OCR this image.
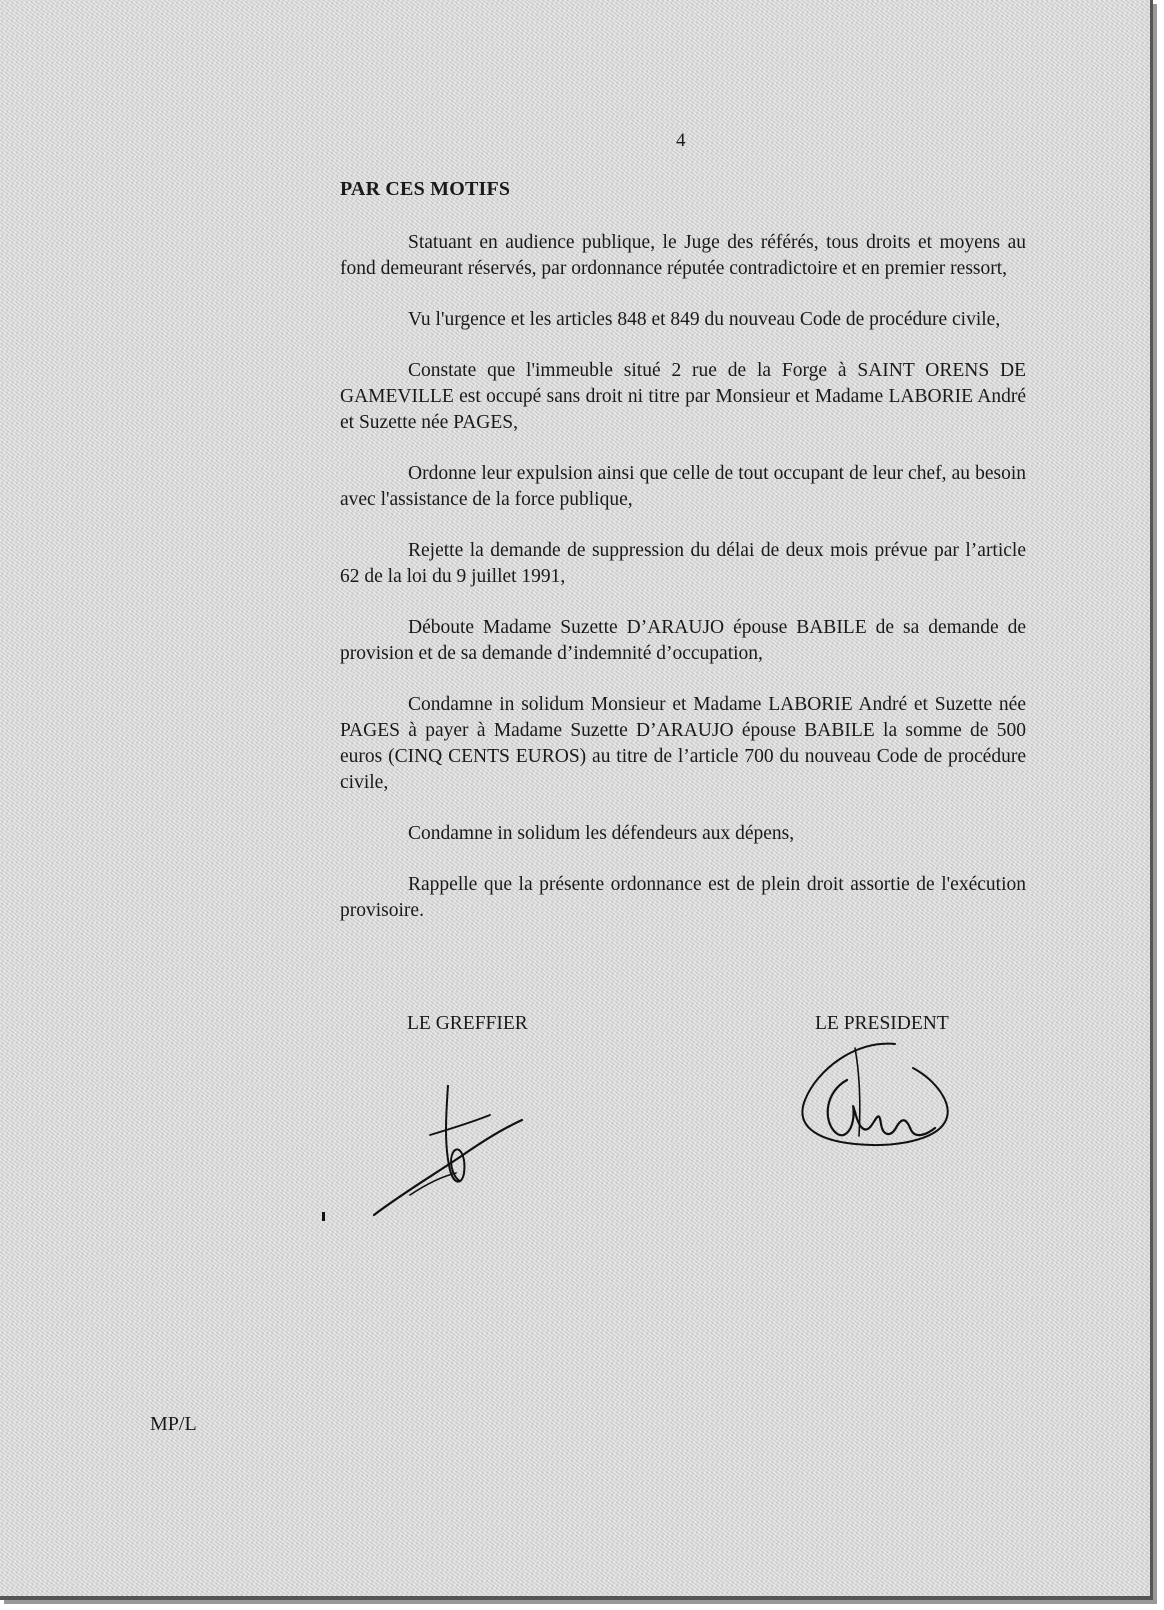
4
PAR CES MOTIFS

Statuant en audience publique, le Juge des référés, tous droits et moyens au fond demeurant réservés, par ordonnance réputée contradictoire et en premier ressort,

Vu l'urgence et les articles 848 et 849 du nouveau Code de procédure civile,

Constate que l'immeuble situé 2 rue de la Forge à SAINT ORENS DE GAMEVILLE est occupé sans droit ni titre par Monsieur et Madame LABORIE André et Suzette née PAGES,

Ordonne leur expulsion ainsi que celle de tout occupant de leur chef, au besoin avec l'assistance de la force publique,

Rejette la demande de suppression du délai de deux mois prévue par l’article 62 de la loi du 9 juillet 1991,

Déboute Madame Suzette D’ARAUJO épouse BABILE de sa demande de provision et de sa demande d’indemnité d’occupation,

Condamne in solidum Monsieur et Madame LABORIE André et Suzette née PAGES à payer à Madame Suzette D’ARAUJO épouse BABILE la somme de 500 euros (CINQ CENTS EUROS) au titre de l’article 700 du nouveau Code de procédure civile,

Condamne in solidum les défendeurs aux dépens,

Rappelle que la présente ordonnance est de plein droit assortie de l'exécution provisoire.

LE GREFFIER	LE PRESIDENT
MP/L
